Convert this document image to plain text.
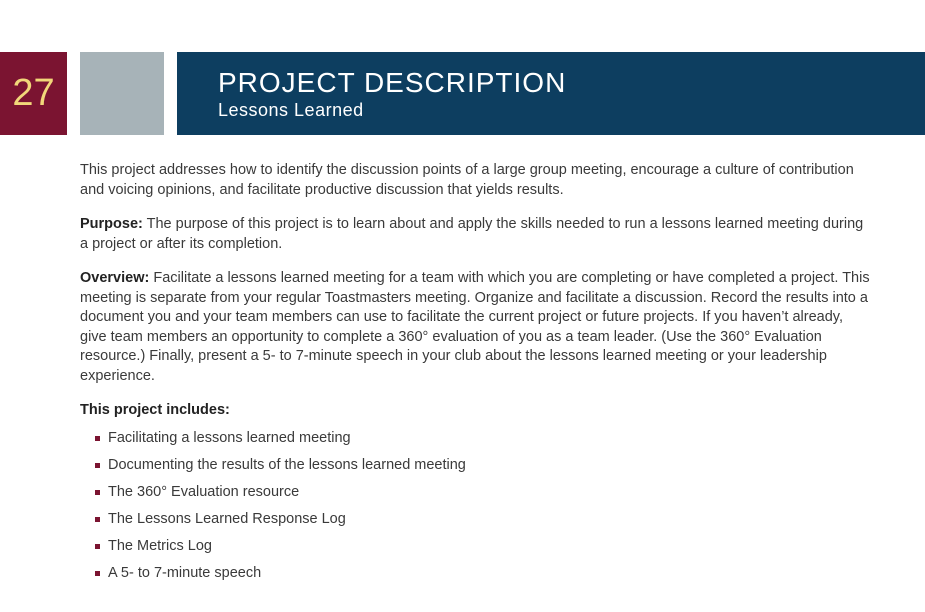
27	PROJECT DESCRIPTION
Lessons Learned

This project addresses how to identify the discussion points of a large group meeting, encourage a culture of contribution and voicing opinions, and facilitate productive discussion that yields results.

Purpose: The purpose of this project is to learn about and apply the skills needed to run a lessons learned meeting during a project or after its completion.

Overview: Facilitate a lessons learned meeting for a team with which you are completing or have completed a project. This meeting is separate from your regular Toastmasters meeting. Organize and facilitate a discussion. Record the results into a document you and your team members can use to facilitate the current project or future projects. If you haven’t already, give team members an opportunity to complete a 360° evaluation of you as a team leader. (Use the 360° Evaluation resource.) Finally, present a 5- to 7-minute speech in your club about the lessons learned meeting or your leadership experience.

This project includes:
Facilitating a lessons learned meeting
Documenting the results of the lessons learned meeting
The 360° Evaluation resource
The Lessons Learned Response Log
The Metrics Log
A 5- to 7-minute speech
